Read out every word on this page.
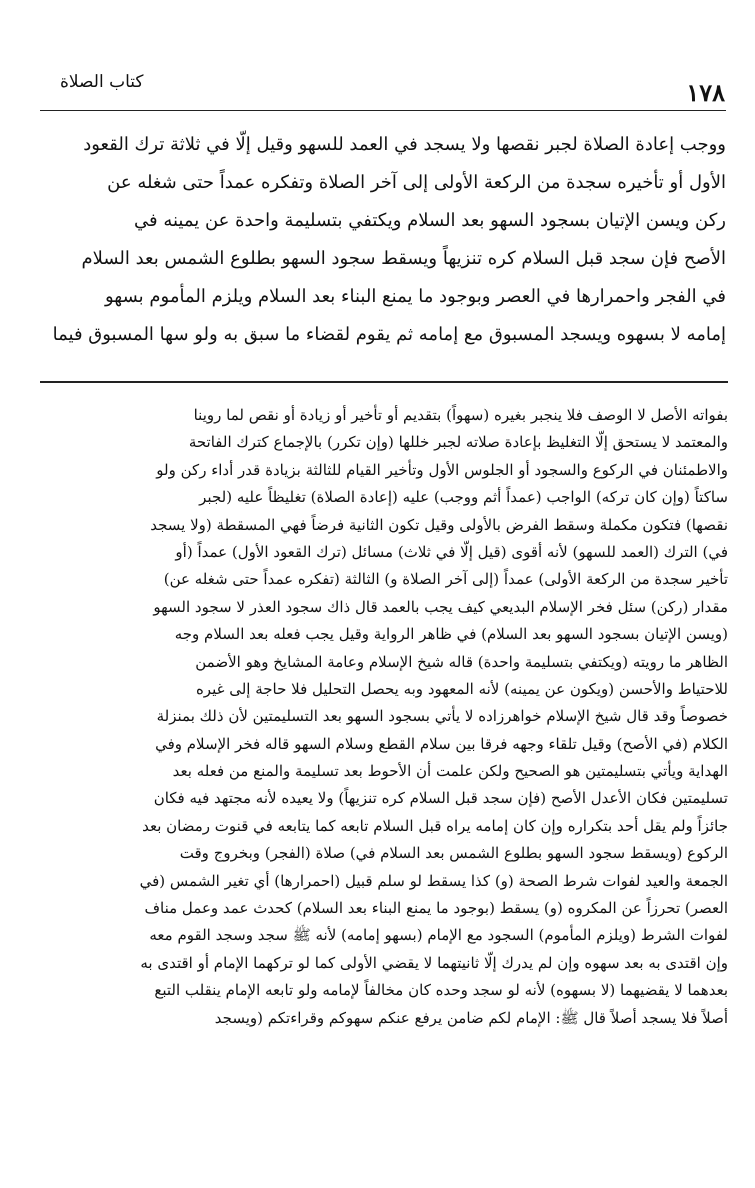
كتاب الصلاة	١٧٨
ووجب إعادة الصلاة لجبر نقصها ولا يسجد في العمد للسهو وقيل إلّا في ثلاثة ترك القعود
الأول أو تأخيره سجدة من الركعة الأولى إلى آخر الصلاة وتفكره عمداً حتى شغله عن
ركن ويسن الإتيان بسجود السهو بعد السلام ويكتفي بتسليمة واحدة عن يمينه في
الأصح فإن سجد قبل السلام كره تنزيهاً ويسقط سجود السهو بطلوع الشمس بعد السلام
في الفجر واحمرارها في العصر وبوجود ما يمنع البناء بعد السلام ويلزم المأموم بسهو
إمامه لا بسهوه ويسجد المسبوق مع إمامه ثم يقوم لقضاء ما سبق به ولو سها المسبوق فيما
بفواته الأصل لا الوصف فلا ينجبر بغيره (سهواً) بتقديم أو تأخير أو زيادة أو نقص لما روينا
والمعتمد لا يستحق إلّا التغليظ بإعادة صلاته لجبر خللها (وإن تكرر) بالإجماع كترك الفاتحة
والاطمئنان في الركوع والسجود أو الجلوس الأول وتأخير القيام للثالثة بزيادة قدر أداء ركن ولو
ساكتاً (وإن كان تركه) الواجب (عمداً أثم ووجب) عليه (إعادة الصلاة) تغليظاً عليه (لجبر
نقصها) فتكون مكملة وسقط الفرض بالأولى وقيل تكون الثانية فرضاً فهي المسقطة (ولا يسجد
في) الترك (العمد للسهو) لأنه أقوى (قيل إلّا في ثلاث) مسائل (ترك القعود الأول) عمداً (أو
تأخير سجدة من الركعة الأولى) عمداً (إلى آخر الصلاة و) الثالثة (تفكره عمداً حتى شغله عن)
مقدار (ركن) سئل فخر الإسلام البديعي كيف يجب بالعمد قال ذاك سجود العذر لا سجود السهو
(ويسن الإتيان بسجود السهو بعد السلام) في ظاهر الرواية وقيل يجب فعله بعد السلام وجه
الظاهر ما رويته (ويكتفي بتسليمة واحدة) قاله شيخ الإسلام وعامة المشايخ وهو الأضمن
للاحتياط والأحسن (ويكون عن يمينه) لأنه المعهود وبه يحصل التحليل فلا حاجة إلى غيره
خصوصاً وقد قال شيخ الإسلام خواهرزاده لا يأتي بسجود السهو بعد التسليمتين لأن ذلك بمنزلة
الكلام (في الأصح) وقيل تلقاء وجهه فرقا بين سلام القطع وسلام السهو قاله فخر الإسلام وفي
الهداية ويأتي بتسليمتين هو الصحيح ولكن علمت أن الأحوط بعد تسليمة والمنع من فعله بعد
تسليمتين فكان الأعدل الأصح (فإن سجد قبل السلام كره تنزيهاً) ولا يعيده لأنه مجتهد فيه فكان
جائزاً ولم يقل أحد بتكراره وإن كان إمامه يراه قبل السلام تابعه كما يتابعه في قنوت رمضان بعد
الركوع (ويسقط سجود السهو بطلوع الشمس بعد السلام في) صلاة (الفجر) وبخروج وقت
الجمعة والعيد لفوات شرط الصحة (و) كذا يسقط لو سلم قبيل (احمرارها) أي تغير الشمس (في
العصر) تحرزاً عن المكروه (و) يسقط (بوجود ما يمنع البناء بعد السلام) كحدث عمد وعمل مناف
لفوات الشرط (ويلزم المأموم) السجود مع الإمام (بسهو إمامه) لأنه ﷺ سجد وسجد القوم معه
وإن اقتدى به بعد سهوه وإن لم يدرك إلّا ثانيتهما لا يقضي الأولى كما لو تركهما الإمام أو اقتدى به
بعدهما لا يقضيهما (لا بسهوه) لأنه لو سجد وحده كان مخالفاً لإمامه ولو تابعه الإمام ينقلب التبع
أصلاً فلا يسجد أصلاً قال ﷺ: الإمام لكم ضامن يرفع عنكم سهوكم وقراءتكم (ويسجد
